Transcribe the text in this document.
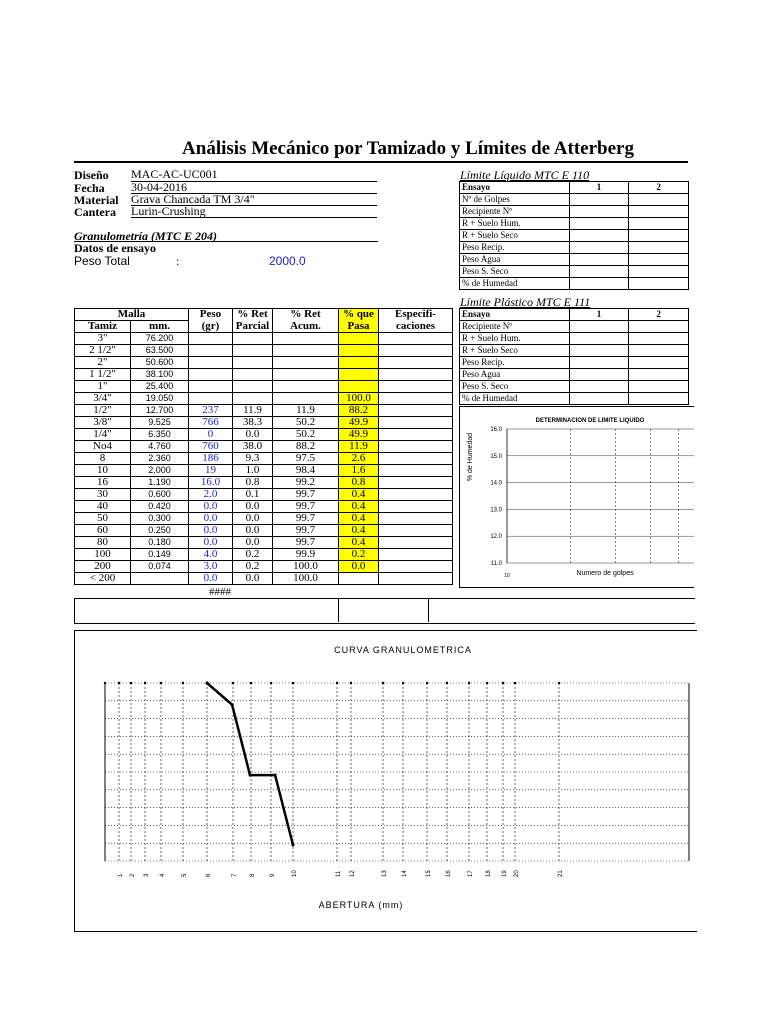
Análisis Mecánico por Tamizado y Límites de Atterberg
Diseño MAC-AC-UC001
Fecha 30-04-2016
Material Grava Chancada TM 3/4"
Cantera Lurin-Crushing
Granulometría (MTC E 204)
Datos de ensayo
Peso Total	:	2000.0
Malla		Peso	% Ret	% Ret	% que	Especifi-
Tamiz	mm.	(gr)	Parcial	Acum.	Pasa	caciones
3"	76.200					
2 1/2"	63.500					
2"	50.600					
1 1/2"	38.100					
1"	25.400					
3/4"	19.050				100.0	
1/2"	12.700	237	11.9	11.9	88.2	
3/8"	9.525	766	38.3	50.2	49.9	
1/4"	6.350	0	0.0	50.2	49.9	
No4	4.760	760	38.0	88.2	11.9	
8	2.360	186	9.3	97.5	2.6	
10	2.000	19	1.0	98.4	1.6	
16	1.190	16.0	0.8	99.2	0.8	
30	0.600	2.0	0.1	99.7	0.4	
40	0.420	0.0	0.0	99.7	0.4	
50	0.300	0.0	0.0	99.7	0.4	
60	0.250	0.0	0.0	99.7	0.4	
80	0.180	0.0	0.0	99.7	0.4	
100	0.149	4.0	0.2	99.9	0.2	
200	0.074	3.0	0.2	100.0	0.0	
< 200		0.0	0.0	100.0		
####
Límite Líquido MTC E 110
Ensayo	1	2
Nº de Golpes		
Recipiente Nº		
R + Suelo Hum.		
R + Suelo Seco		
Peso Recip.		
Peso Agua		
Peso S. Seco		
% de Humedad		
Límite Plástico MTC E 111
Ensayo	1	2
Recipiente Nº		
R + Suelo Hum.		
R + Suelo Seco		
Peso Recip.		
Peso Agua		
Peso S. Seco		
% de Humedad		
DETERMINACION DE LIMITE LIQUIDO
% de Humedad
16.0
15.0
14.0
13.0
12.0
11.0
10	Numero de golpes
CURVA GRANULOMETRICA
1 2 3 4	5	6	7 8 9	10	11 12	13 14	15 16	17 18 19 20	21
ABERTURA (mm)
